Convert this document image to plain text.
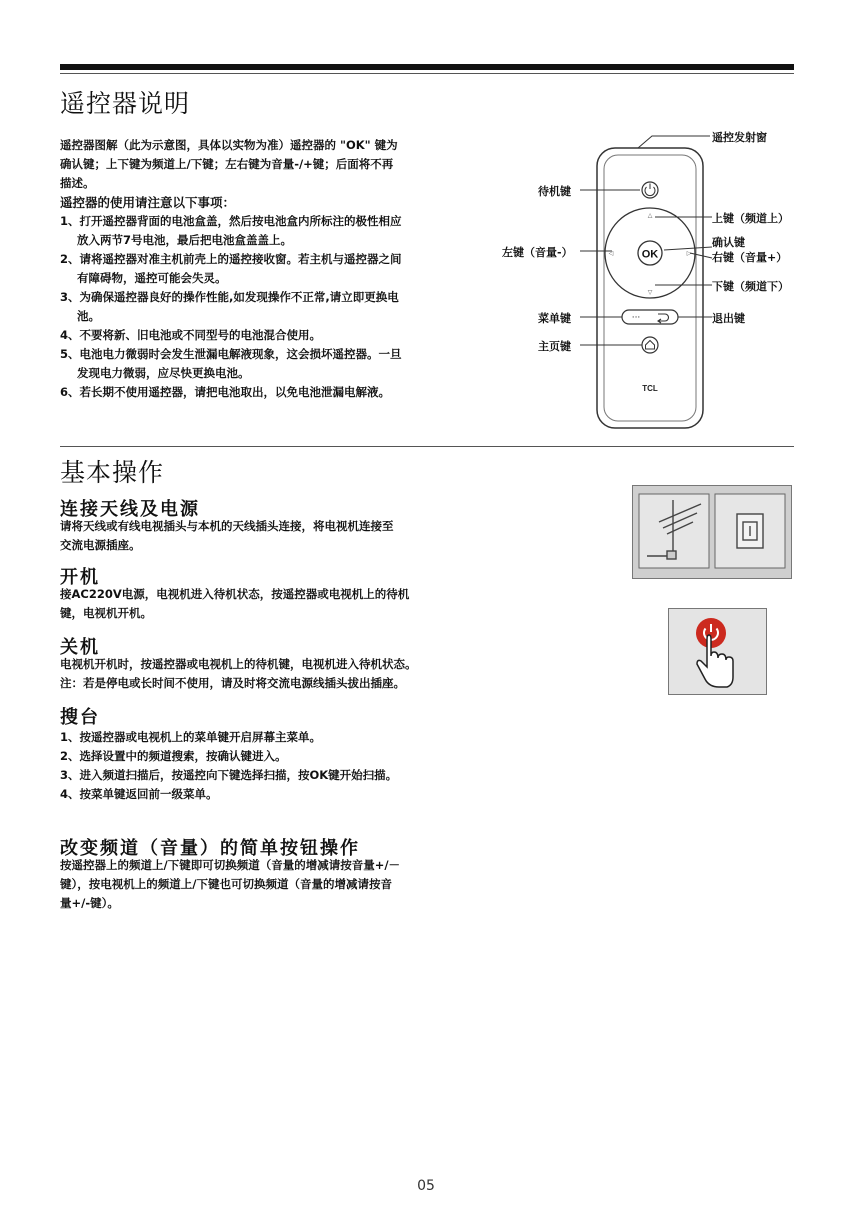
遥控器说明
遥控器图解（此为示意图，具体以实物为准）遥控器的 "OK" 键为
确认键；上下键为频道上/下键；左右键为音量-/+键；后面将不再
描述。
遥控器的使用请注意以下事项：
1、打开遥控器背面的电池盒盖，然后按电池盒内所标注的极性相应
放入两节7号电池，最后把电池盒盖盖上。
2、请将遥控器对准主机前壳上的遥控接收窗。若主机与遥控器之间
有障碍物，遥控可能会失灵。
3、为确保遥控器良好的操作性能,如发现操作不正常,请立即更换电
池。
4、不要将新、旧电池或不同型号的电池混合使用。
5、电池电力微弱时会发生泄漏电解液现象，这会损坏遥控器。一旦
发现电力微弱，应尽快更换电池。
6、若长期不使用遥控器，请把电池取出，以免电池泄漏电解液。
OK
△
▽
◁	▷
···
TCL
遥控发射窗
待机键
上键（频道上）
左键（音量-）
确认键
右键（音量+）
下键（频道下）
菜单键	退出键
主页键
基本操作
连接天线及电源
请将天线或有线电视插头与本机的天线插头连接，将电视机连接至
交流电源插座。
开机
接AC220V电源，电视机进入待机状态，按遥控器或电视机上的待机
键，电视机开机。
关机
电视机开机时，按遥控器或电视机上的待机键，电视机进入待机状态。
注：若是停电或长时间不使用，请及时将交流电源线插头拔出插座。
搜台
1、按遥控器或电视机上的菜单键开启屏幕主菜单。
2、选择设置中的频道搜索，按确认键进入。
3、进入频道扫描后，按遥控向下键选择扫描，按OK键开始扫描。
4、按菜单键返回前一级菜单。
改变频道（音量）的简单按钮操作
按遥控器上的频道上/下键即可切换频道（音量的增减请按音量+/－
键），按电视机上的频道上/下键也可切换频道（音量的增减请按音
量+/-键）。
05
